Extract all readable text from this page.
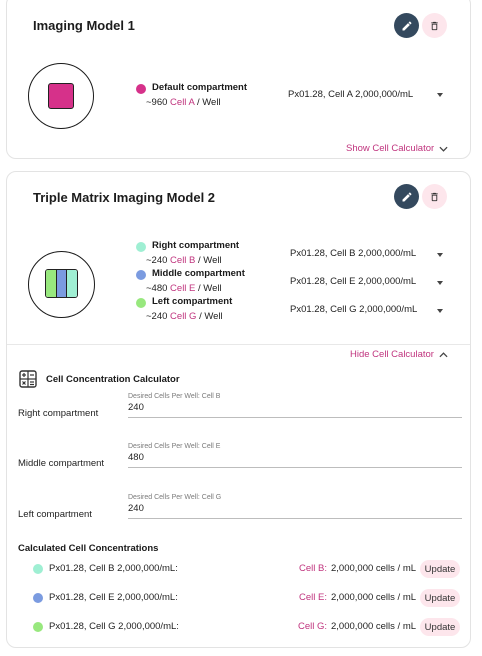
Imaging Model 1
Default compartment
~960 Cell A / Well
Px01.28, Cell A 2,000,000/mL
Show Cell Calculator
Triple Matrix Imaging Model 2
Right compartment
~240 Cell B / Well
Px01.28, Cell B 2,000,000/mL
Middle compartment
~480 Cell E / Well
Px01.28, Cell E 2,000,000/mL
Left compartment
~240 Cell G / Well
Px01.28, Cell G 2,000,000/mL
Hide Cell Calculator
Cell Concentration Calculator
Right compartment
Desired Cells Per Well: Cell B
240
Middle compartment
Desired Cells Per Well: Cell E
480
Left compartment
Desired Cells Per Well: Cell G
240
Calculated Cell Concentrations
Px01.28, Cell B 2,000,000/mL:	Cell B: 2,000,000 cells / mL Update
Px01.28, Cell E 2,000,000/mL:	Cell E: 2,000,000 cells / mL Update
Px01.28, Cell G 2,000,000/mL:	Cell G: 2,000,000 cells / mL Update
